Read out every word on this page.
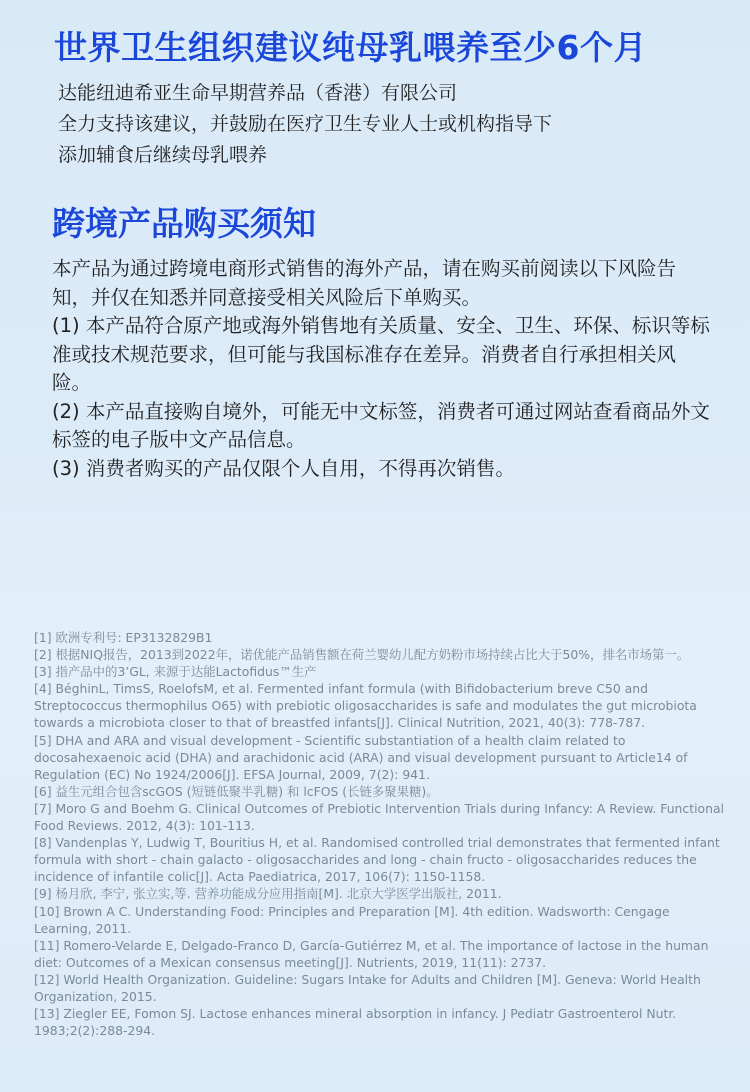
世界卫生组织建议纯母乳喂养至少6个月
达能纽迪希亚生命早期营养品（香港）有限公司
全力支持该建议，并鼓励在医疗卫生专业人士或机构指导下
添加辅食后继续母乳喂养
跨境产品购买须知

本产品为通过跨境电商形式销售的海外产品，请在购买前阅读以下风险告知，并仅在知悉并同意接受相关风险后下单购买。

(1) 本产品符合原产地或海外销售地有关质量、安全、卫生、环保、标识等标准或技术规范要求，但可能与我国标准存在差异。消费者自行承担相关风险。

(2) 本产品直接购自境外，可能无中文标签，消费者可通过网站查看商品外文标签的电子版中文产品信息。

(3) 消费者购买的产品仅限个人自用，不得再次销售。

[1] 欧洲专利号: EP3132829B1
[2] 根据NIQ报告，2013到2022年，诺优能产品销售额在荷兰婴幼儿配方奶粉市场持续占比大于50%，排名市场第一。
[3] 指产品中的3’GL, 来源于达能Lactofidus™生产
[4] BéghinL, TimsS, RoelofsM, et al. Fermented infant formula (with Bifidobacterium breve C50 and Streptococcus thermophilus O65) with prebiotic oligosaccharides is safe and modulates the gut microbiota towards a microbiota closer to that of breastfed infants[J]. Clinical Nutrition, 2021, 40(3): 778-787.
[5] DHA and ARA and visual development - Scientific substantiation of a health claim related to docosahexaenoic acid (DHA) and arachidonic acid (ARA) and visual development pursuant to Article14 of Regulation (EC) No 1924/2006[J]. EFSA Journal, 2009, 7(2): 941.
[6] 益生元组合包含scGOS (短链低聚半乳糖) 和 lcFOS (长链多聚果糖)。
[7] Moro G and Boehm G. Clinical Outcomes of Prebiotic Intervention Trials during Infancy: A Review. Functional Food Reviews. 2012, 4(3): 101-113.
[8] Vandenplas Y, Ludwig T, Bouritius H, et al. Randomised controlled trial demonstrates that fermented infant formula with short - chain galacto - oligosaccharides and long - chain fructo - oligosaccharides reduces the incidence of infantile colic[J]. Acta Paediatrica, 2017, 106(7): 1150-1158.
[9] 杨月欣, 李宁, 张立实,等. 营养功能成分应用指南[M]. 北京大学医学出版社, 2011.
[10] Brown A C. Understanding Food: Principles and Preparation [M]. 4th edition. Wadsworth: Cengage Learning, 2011.
[11] Romero-Velarde E, Delgado-Franco D, García-Gutiérrez M, et al. The importance of lactose in the human diet: Outcomes of a Mexican consensus meeting[J]. Nutrients, 2019, 11(11): 2737.
[12] World Health Organization. Guideline: Sugars Intake for Adults and Children [M]. Geneva: World Health Organization, 2015.
[13] Ziegler EE, Fomon SJ. Lactose enhances mineral absorption in infancy. J Pediatr Gastroenterol Nutr. 1983;2(2):288-294.
